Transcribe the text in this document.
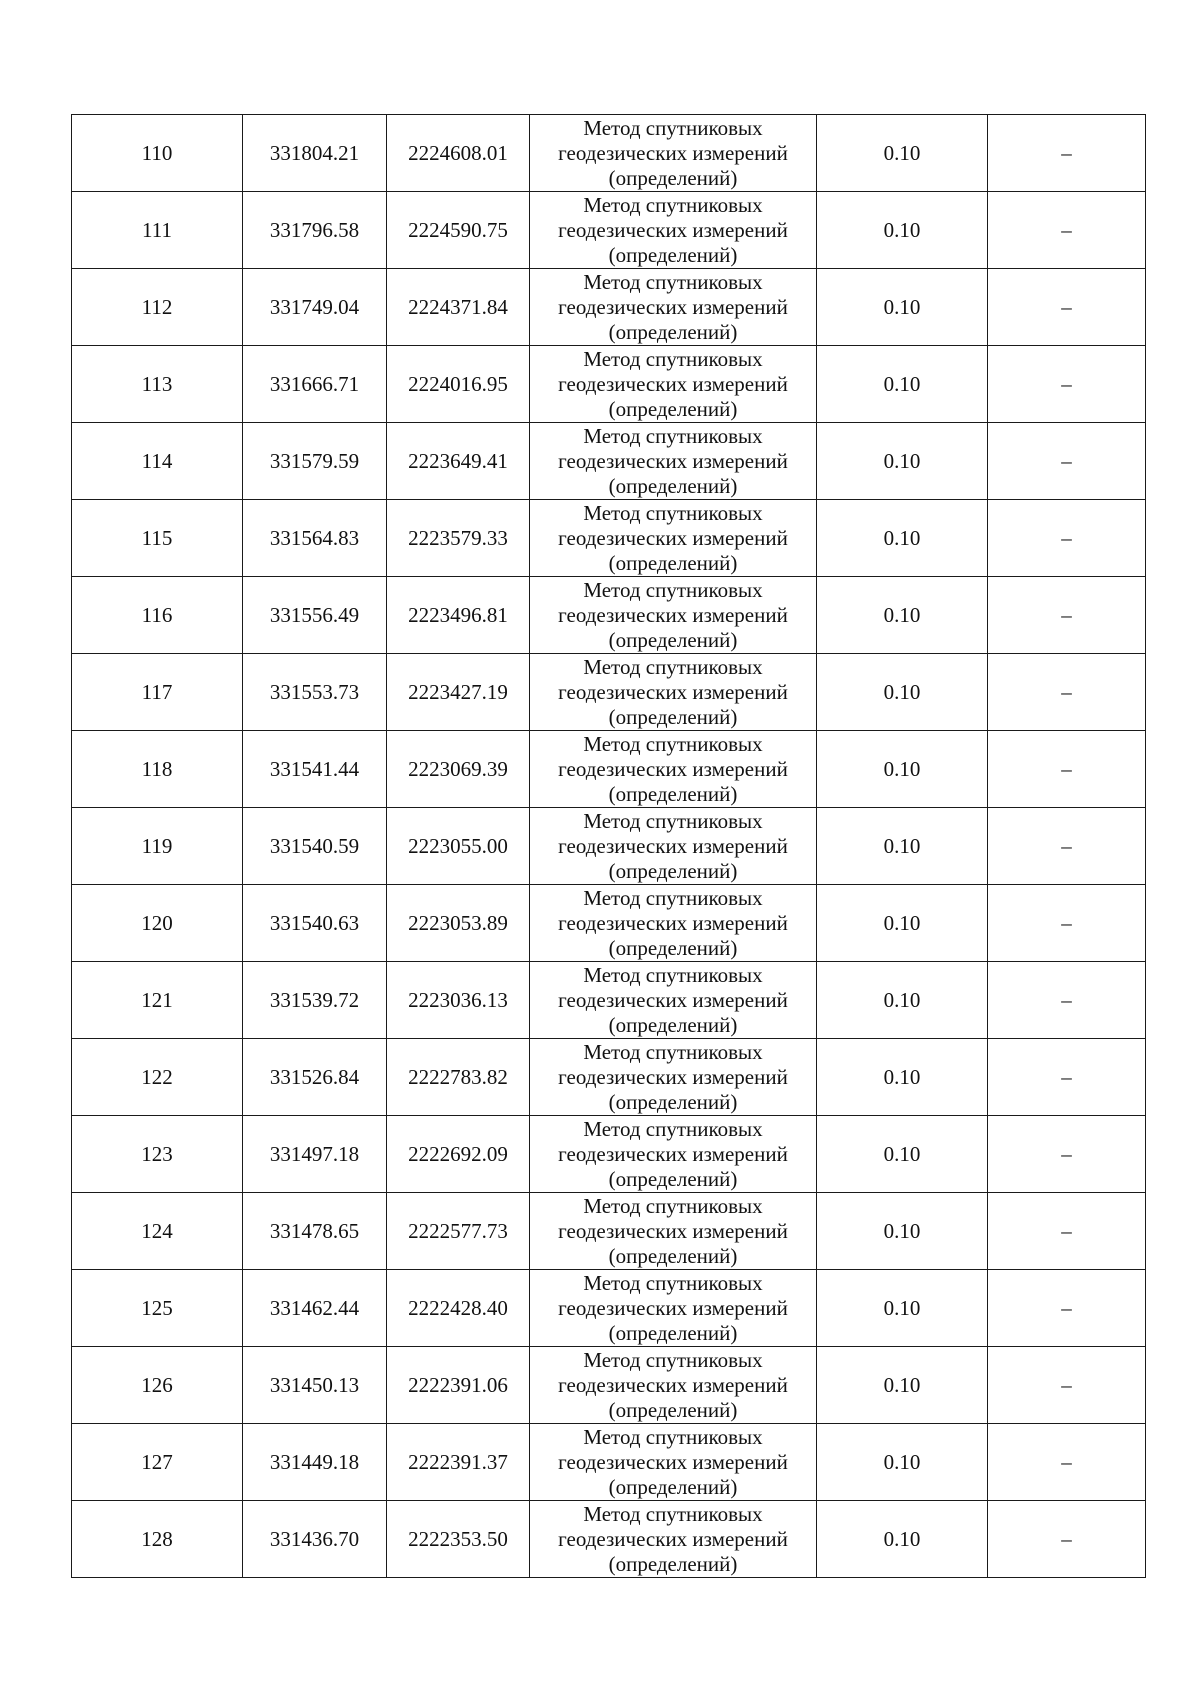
110	331804.21	2224608.01	Метод спутниковых
геодезических измерений
(определений)	0.10	–
111	331796.58	2224590.75	Метод спутниковых
геодезических измерений
(определений)	0.10	–
112	331749.04	2224371.84	Метод спутниковых
геодезических измерений
(определений)	0.10	–
113	331666.71	2224016.95	Метод спутниковых
геодезических измерений
(определений)	0.10	–
114	331579.59	2223649.41	Метод спутниковых
геодезических измерений
(определений)	0.10	–
115	331564.83	2223579.33	Метод спутниковых
геодезических измерений
(определений)	0.10	–
116	331556.49	2223496.81	Метод спутниковых
геодезических измерений
(определений)	0.10	–
117	331553.73	2223427.19	Метод спутниковых
геодезических измерений
(определений)	0.10	–
118	331541.44	2223069.39	Метод спутниковых
геодезических измерений
(определений)	0.10	–
119	331540.59	2223055.00	Метод спутниковых
геодезических измерений
(определений)	0.10	–
120	331540.63	2223053.89	Метод спутниковых
геодезических измерений
(определений)	0.10	–
121	331539.72	2223036.13	Метод спутниковых
геодезических измерений
(определений)	0.10	–
122	331526.84	2222783.82	Метод спутниковых
геодезических измерений
(определений)	0.10	–
123	331497.18	2222692.09	Метод спутниковых
геодезических измерений
(определений)	0.10	–
124	331478.65	2222577.73	Метод спутниковых
геодезических измерений
(определений)	0.10	–
125	331462.44	2222428.40	Метод спутниковых
геодезических измерений
(определений)	0.10	–
126	331450.13	2222391.06	Метод спутниковых
геодезических измерений
(определений)	0.10	–
127	331449.18	2222391.37	Метод спутниковых
геодезических измерений
(определений)	0.10	–
128	331436.70	2222353.50	Метод спутниковых
геодезических измерений
(определений)	0.10	–
